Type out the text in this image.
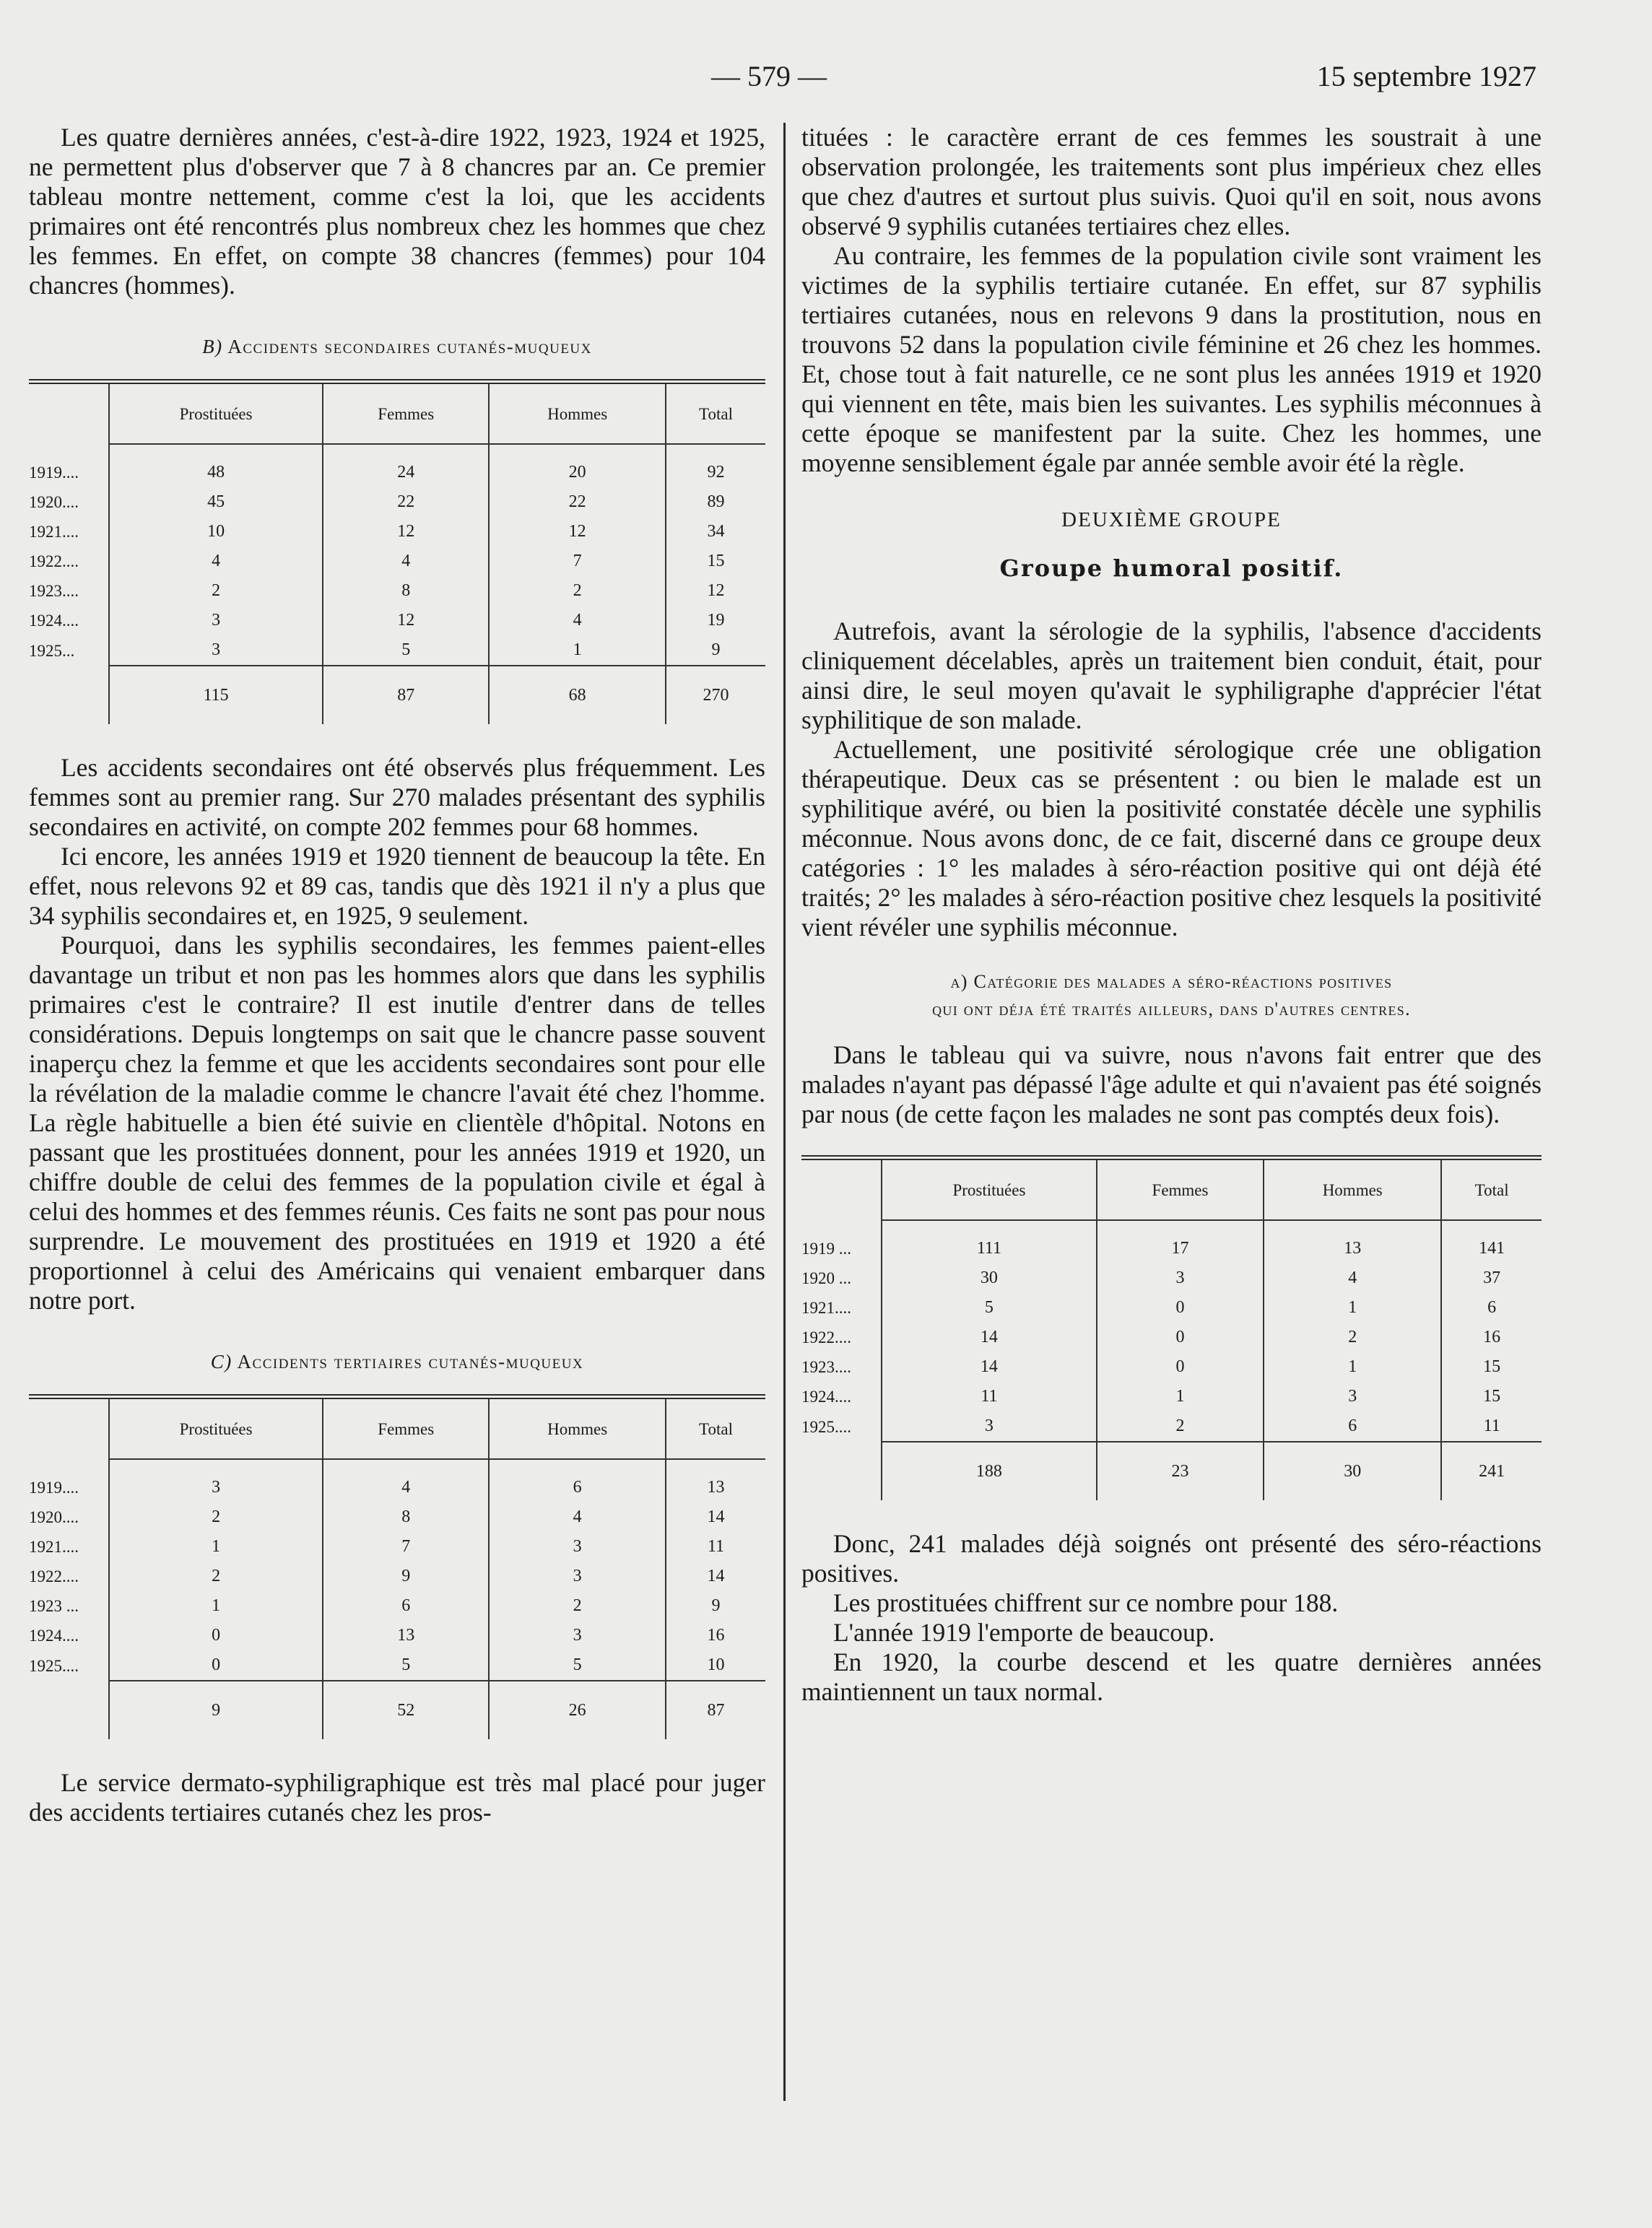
— 579 —	15 septembre 1927

Les quatre dernières années, c'est-à-dire 1922, 1923, 1924 et 1925, ne permettent plus d'observer que 7 à 8 chancres par an. Ce premier tableau montre nettement, comme c'est la loi, que les accidents primaires ont été rencontrés plus nombreux chez les hommes que chez les femmes. En effet, on compte 38 chancres (femmes) pour 104 chancres (hommes).

B) Accidents secondaires cutanés-muqueux
	Prostituées	Femmes	Hommes	Total
1919....	48	24	20	92
1920....	45	22	22	89
1921....	10	12	12	34
1922....	4	4	7	15
1923....	2	8	2	12
1924....	3	12	4	19
1925...	3	5	1	9
	115	87	68	270

Les accidents secondaires ont été observés plus fréquemment. Les femmes sont au premier rang. Sur 270 malades présentant des syphilis secondaires en activité, on compte 202 femmes pour 68 hommes.

Ici encore, les années 1919 et 1920 tiennent de beaucoup la tête. En effet, nous relevons 92 et 89 cas, tandis que dès 1921 il n'y a plus que 34 syphilis secondaires et, en 1925, 9 seulement.

Pourquoi, dans les syphilis secondaires, les femmes paient-elles davantage un tribut et non pas les hommes alors que dans les syphilis primaires c'est le contraire? Il est inutile d'entrer dans de telles considérations. Depuis longtemps on sait que le chancre passe souvent inaperçu chez la femme et que les accidents secondaires sont pour elle la révélation de la maladie comme le chancre l'avait été chez l'homme. La règle habituelle a bien été suivie en clientèle d'hôpital. Notons en passant que les prostituées donnent, pour les années 1919 et 1920, un chiffre double de celui des femmes de la population civile et égal à celui des hommes et des femmes réunis. Ces faits ne sont pas pour nous surprendre. Le mouvement des prostituées en 1919 et 1920 a été proportionnel à celui des Américains qui venaient embarquer dans notre port.

C) Accidents tertiaires cutanés-muqueux
	Prostituées	Femmes	Hommes	Total
1919....	3	4	6	13
1920....	2	8	4	14
1921....	1	7	3	11
1922....	2	9	3	14
1923 ...	1	6	2	9
1924....	0	13	3	16
1925....	0	5	5	10
	9	52	26	87

Le service dermato-syphiligraphique est très mal placé pour juger des accidents tertiaires cutanés chez les pros-

tituées : le caractère errant de ces femmes les soustrait à une observation prolongée, les traitements sont plus impérieux chez elles que chez d'autres et surtout plus suivis. Quoi qu'il en soit, nous avons observé 9 syphilis cutanées tertiaires chez elles.

Au contraire, les femmes de la population civile sont vraiment les victimes de la syphilis tertiaire cutanée. En effet, sur 87 syphilis tertiaires cutanées, nous en relevons 9 dans la prostitution, nous en trouvons 52 dans la population civile féminine et 26 chez les hommes. Et, chose tout à fait naturelle, ce ne sont plus les années 1919 et 1920 qui viennent en tête, mais bien les suivantes. Les syphilis méconnues à cette époque se manifestent par la suite. Chez les hommes, une moyenne sensiblement égale par année semble avoir été la règle.

DEUXIÈME GROUPE
Groupe humoral positif.

Autrefois, avant la sérologie de la syphilis, l'absence d'accidents cliniquement décelables, après un traitement bien conduit, était, pour ainsi dire, le seul moyen qu'avait le syphiligraphe d'apprécier l'état syphilitique de son malade.

Actuellement, une positivité sérologique crée une obligation thérapeutique. Deux cas se présentent : ou bien le malade est un syphilitique avéré, ou bien la positivité constatée décèle une syphilis méconnue. Nous avons donc, de ce fait, discerné dans ce groupe deux catégories : 1° les malades à séro-réaction positive qui ont déjà été traités; 2° les malades à séro-réaction positive chez lesquels la positivité vient révéler une syphilis méconnue.

a) Catégorie des malades a séro-réactions positives
qui ont déja été traités ailleurs, dans d'autres centres.

Dans le tableau qui va suivre, nous n'avons fait entrer que des malades n'ayant pas dépassé l'âge adulte et qui n'avaient pas été soignés par nous (de cette façon les malades ne sont pas comptés deux fois).

	Prostituées	Femmes	Hommes	Total
1919 ...	111	17	13	141
1920 ...	30	3	4	37
1921....	5	0	1	6
1922....	14	0	2	16
1923....	14	0	1	15
1924....	11	1	3	15
1925....	3	2	6	11
	188	23	30	241

Donc, 241 malades déjà soignés ont présenté des séro-réactions positives.

Les prostituées chiffrent sur ce nombre pour 188.

L'année 1919 l'emporte de beaucoup.

En 1920, la courbe descend et les quatre dernières années maintiennent un taux normal.
